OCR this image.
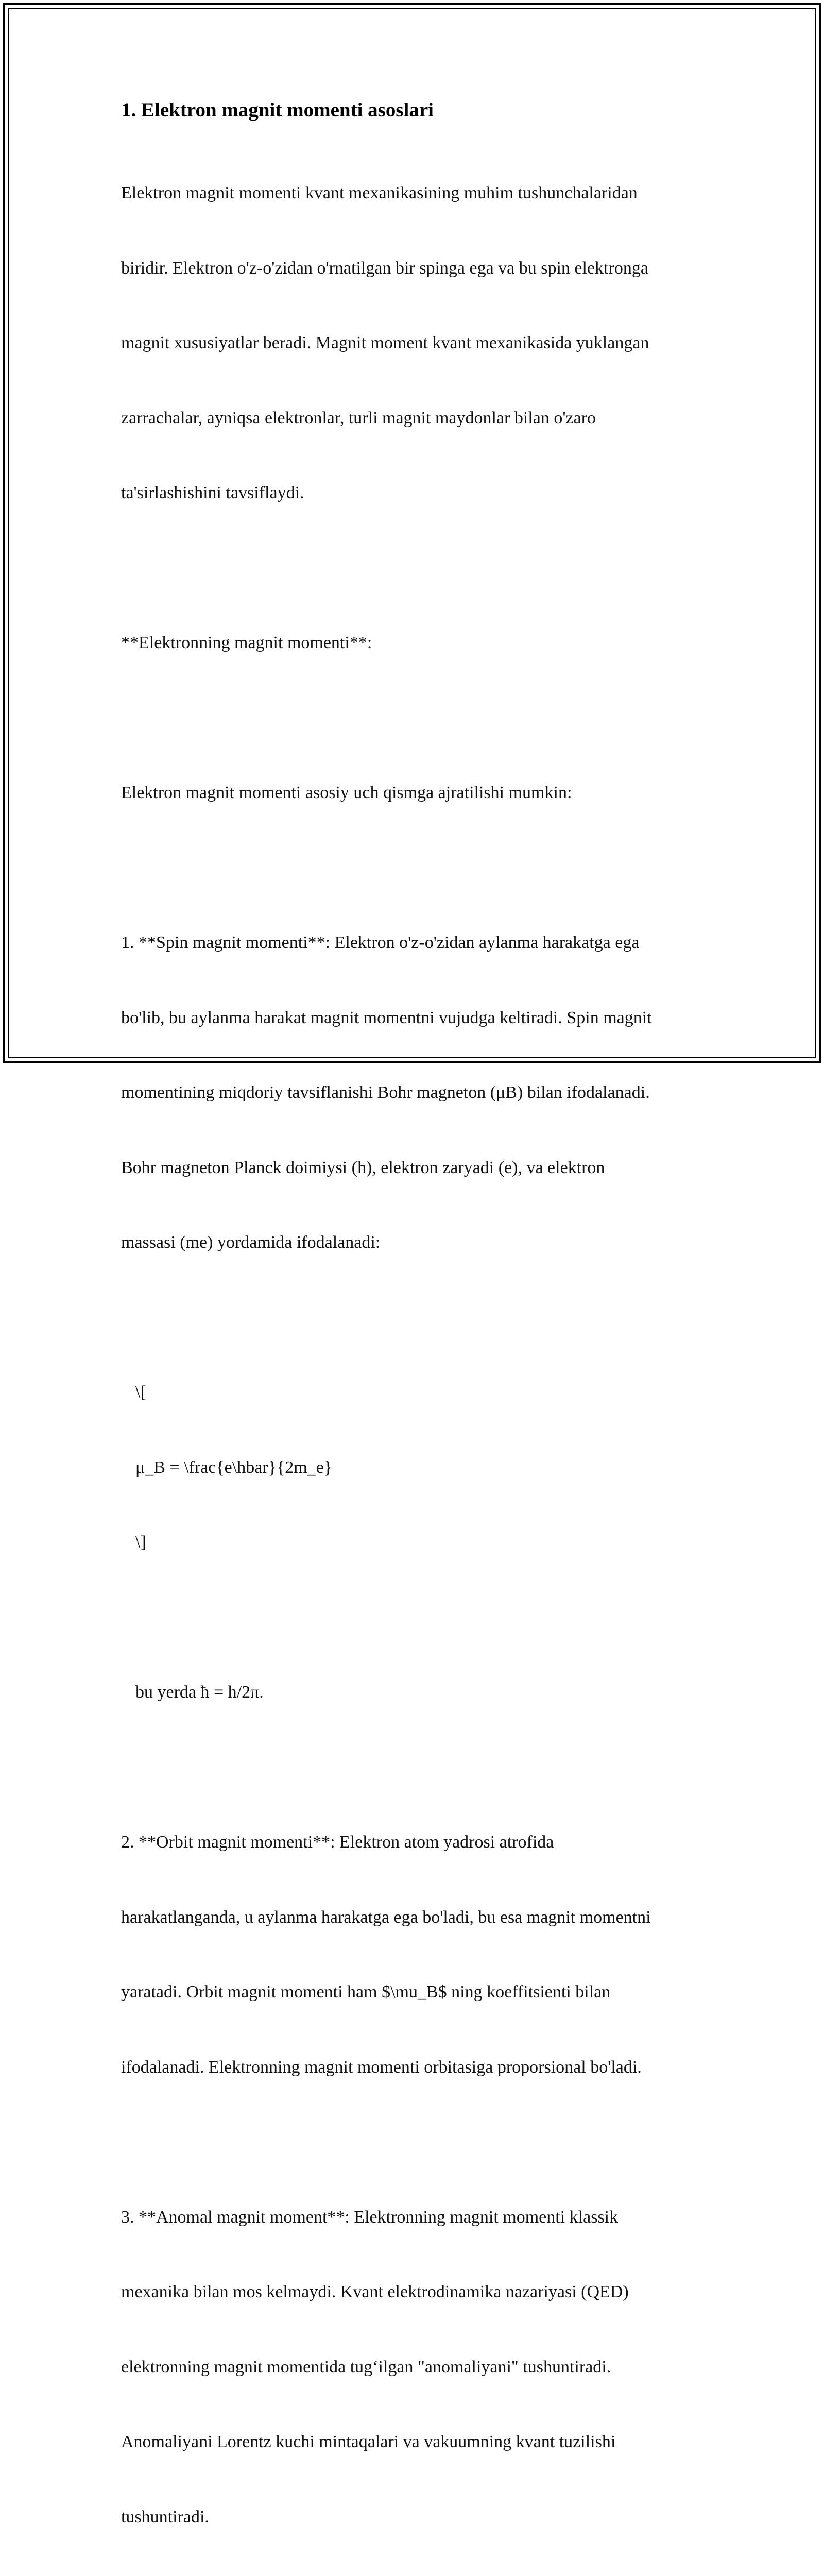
1. Elektron magnit momenti asoslari

Elektron magnit momenti kvant mexanikasining muhim tushunchalaridan

biridir. Elektron o'z-o'zidan o'rnatilgan bir spinga ega va bu spin elektronga

magnit xususiyatlar beradi. Magnit moment kvant mexanikasida yuklangan

zarrachalar, ayniqsa elektronlar, turli magnit maydonlar bilan o'zaro

ta'sirlashishini tavsiflaydi.

**Elektronning magnit momenti**:

Elektron magnit momenti asosiy uch qismga ajratilishi mumkin:

1. **Spin magnit momenti**: Elektron o'z-o'zidan aylanma harakatga ega

bo'lib, bu aylanma harakat magnit momentni vujudga keltiradi. Spin magnit

momentining miqdoriy tavsiflanishi Bohr magneton (μB) bilan ifodalanadi.

Bohr magneton Planck doimiysi (h), elektron zaryadi (e), va elektron

massasi (me) yordamida ifodalanadi:

\[

μ_B = \frac{e\hbar}{2m_e}

\]

bu yerda ħ = h/2π.

2. **Orbit magnit momenti**: Elektron atom yadrosi atrofida

harakatlanganda, u aylanma harakatga ega bo'ladi, bu esa magnit momentni

yaratadi. Orbit magnit momenti ham $\mu_B$ ning koeffitsienti bilan

ifodalanadi. Elektronning magnit momenti orbitasiga proporsional bo'ladi.

3. **Anomal magnit moment**: Elektronning magnit momenti klassik

mexanika bilan mos kelmaydi. Kvant elektrodinamika nazariyasi (QED)

elektronning magnit momentida tug‘ilgan "anomaliyani" tushuntiradi.

Anomaliyani Lorentz kuchi mintaqalari va vakuumning kvant tuzilishi

tushuntiradi.
